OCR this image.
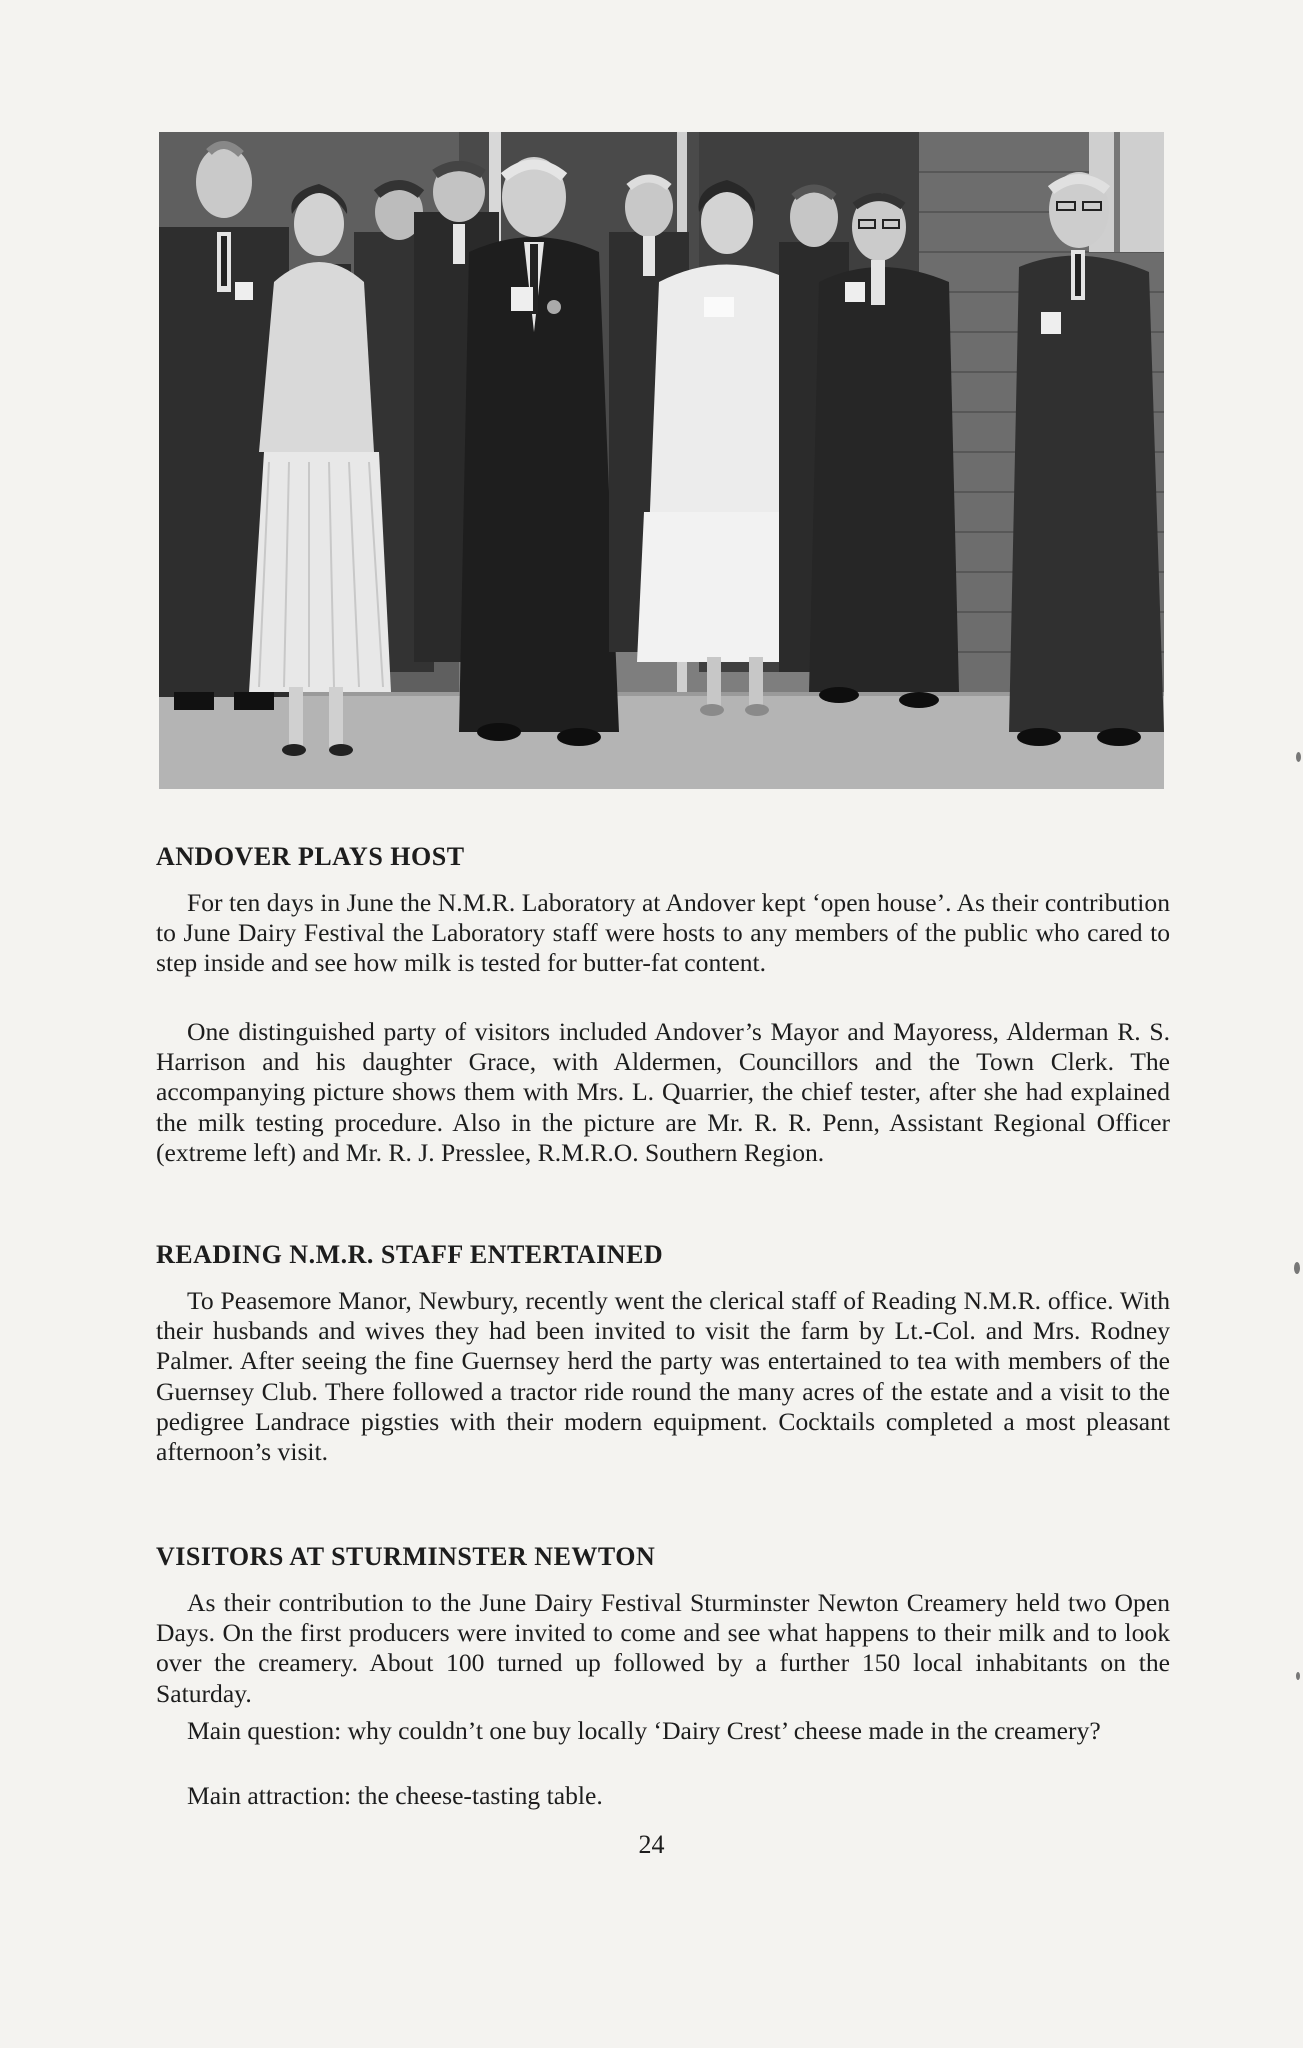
ANDOVER PLAYS HOST

For ten days in June the N.M.R. Laboratory at Andover kept ‘open house’. As their contribution to June Dairy Festival the Laboratory staff were hosts to any members of the public who cared to step inside and see how milk is tested for butter-fat content.

One distinguished party of visitors included Andover’s Mayor and Mayoress, Alderman R. S. Harrison and his daughter Grace, with Aldermen, Councillors and the Town Clerk. The accompanying picture shows them with Mrs. L. Quarrier, the chief tester, after she had explained the milk testing procedure. Also in the picture are Mr. R. R. Penn, Assistant Regional Officer (extreme left) and Mr. R. J. Presslee, R.M.R.O. Southern Region.

READING N.M.R. STAFF ENTERTAINED

To Peasemore Manor, Newbury, recently went the clerical staff of Reading N.M.R. office. With their husbands and wives they had been invited to visit the farm by Lt.-Col. and Mrs. Rodney Palmer. After seeing the fine Guernsey herd the party was entertained to tea with members of the Guernsey Club. There followed a tractor ride round the many acres of the estate and a visit to the pedigree Landrace pigsties with their modern equipment. Cocktails completed a most pleasant afternoon’s visit.

VISITORS AT STURMINSTER NEWTON

As their contribution to the June Dairy Festival Sturminster Newton Creamery held two Open Days. On the first producers were invited to come and see what happens to their milk and to look over the creamery. About 100 turned up followed by a further 150 local inhabitants on the Saturday.

Main question: why couldn’t one buy locally ‘Dairy Crest’ cheese made in the creamery?

Main attraction: the cheese-tasting table.

24
